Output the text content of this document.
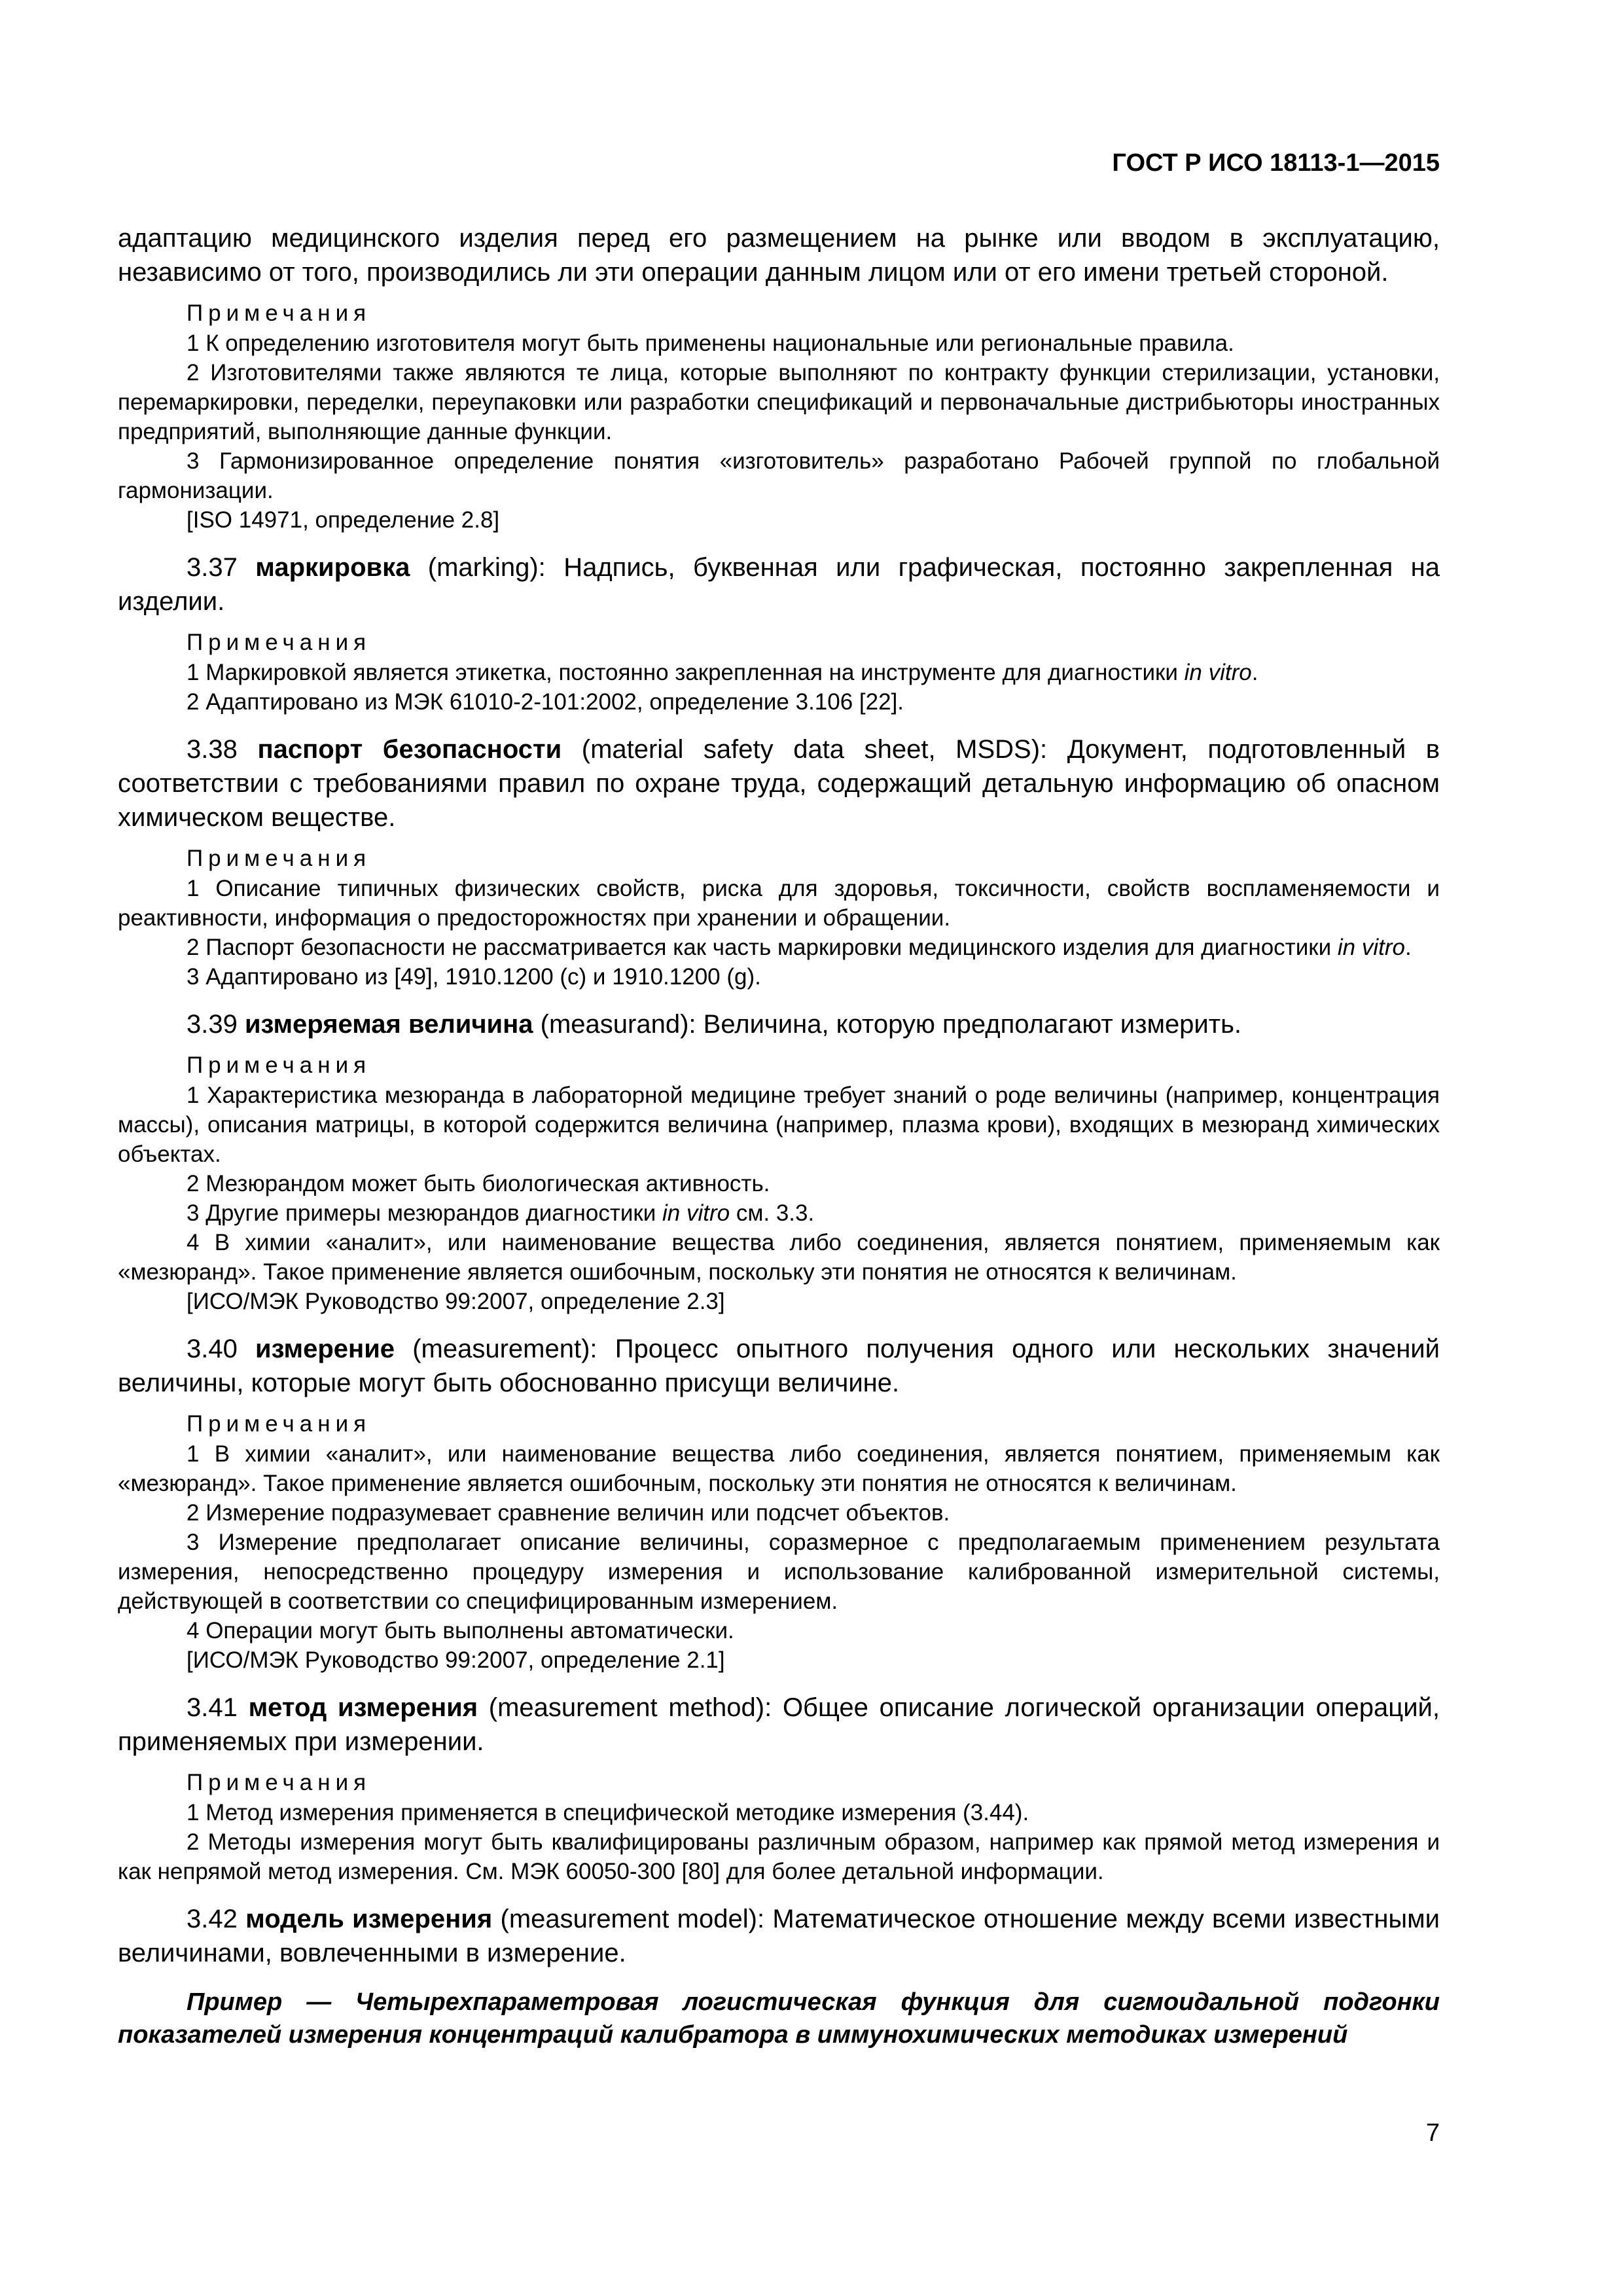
ГОСТ Р ИСО 18113-1—2015

адаптацию медицинского изделия перед его размещением на рынке или вводом в эксплуатацию, независимо от того, производились ли эти операции данным лицом или от его имени третьей стороной.

Примечания

1 К определению изготовителя могут быть применены национальные или региональные правила.

2 Изготовителями также являются те лица, которые выполняют по контракту функции стерилизации, установки, перемаркировки, переделки, переупаковки или разработки спецификаций и первоначальные дистрибьюторы иностранных предприятий, выполняющие данные функции.

3 Гармонизированное определение понятия «изготовитель» разработано Рабочей группой по глобальной гармонизации.

[ISO 14971, определение 2.8]

3.37 маркировка (marking): Надпись, буквенная или графическая, постоянно закрепленная на изделии.

Примечания

1 Маркировкой является этикетка, постоянно закрепленная на инструменте для диагностики in vitro.

2 Адаптировано из МЭК 61010-2-101:2002, определение 3.106 [22].

3.38 паспорт безопасности (material safety data sheet, MSDS): Документ, подготовленный в соответствии с требованиями правил по охране труда, содержащий детальную информацию об опасном химическом веществе.

Примечания

1 Описание типичных физических свойств, риска для здоровья, токсичности, свойств воспламеняемости и реактивности, информация о предосторожностях при хранении и обращении.

2 Паспорт безопасности не рассматривается как часть маркировки медицинского изделия для диагностики in vitro.

3 Адаптировано из [49], 1910.1200 (c) и 1910.1200 (g).

3.39 измеряемая величина (measurand): Величина, которую предполагают измерить.

Примечания

1 Характеристика мезюранда в лабораторной медицине требует знаний о роде величины (например, концентрация массы), описания матрицы, в которой содержится величина (например, плазма крови), входящих в мезюранд химических объектах.

2 Мезюрандом может быть биологическая активность.

3 Другие примеры мезюрандов диагностики in vitro см. 3.3.

4 В химии «аналит», или наименование вещества либо соединения, является понятием, применяемым как «мезюранд». Такое применение является ошибочным, поскольку эти понятия не относятся к величинам.

[ИСО/МЭК Руководство 99:2007, определение 2.3]

3.40 измерение (measurement): Процесс опытного получения одного или нескольких значений величины, которые могут быть обоснованно присущи величине.

Примечания

1 В химии «аналит», или наименование вещества либо соединения, является понятием, применяемым как «мезюранд». Такое применение является ошибочным, поскольку эти понятия не относятся к величинам.

2 Измерение подразумевает сравнение величин или подсчет объектов.

3 Измерение предполагает описание величины, соразмерное с предполагаемым применением результата измерения, непосредственно процедуру измерения и использование калиброванной измерительной системы, действующей в соответствии со специфицированным измерением.

4 Операции могут быть выполнены автоматически.

[ИСО/МЭК Руководство 99:2007, определение 2.1]

3.41 метод измерения (measurement method): Общее описание логической организации операций, применяемых при измерении.

Примечания

1 Метод измерения применяется в специфической методике измерения (3.44).

2 Методы измерения могут быть квалифицированы различным образом, например как прямой метод измерения и как непрямой метод измерения. См. МЭК 60050-300 [80] для более детальной информации.

3.42 модель измерения (measurement model): Математическое отношение между всеми известными величинами, вовлеченными в измерение.

Пример — Четырехпараметровая логистическая функция для сигмоидальной подгонки показателей измерения концентраций калибратора в иммунохимических методиках измерений

7
